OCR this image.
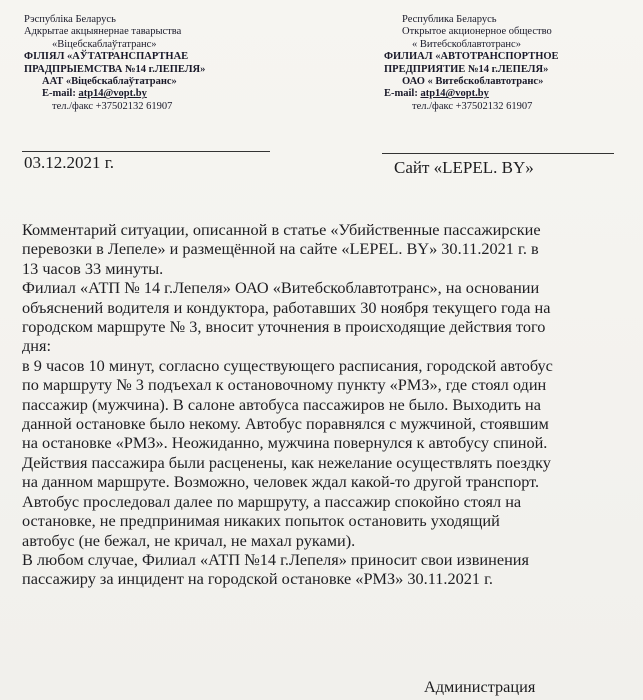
Рэспубліка Беларусь
Адкрытае акцыянернае таварыства
«Віцебскаблаўтатранс»
ФІЛІЯЛ «АЎТАТРАНСПАРТНАЕ
ПРАДПРЫЕМСТВА №14 г.ЛЕПЕЛЯ»
ААТ «Віцебскаблаўтатранс»
E-mail: atp14@vopt.by
тел./факс +37502132 61907
Республика Беларусь
Открытое акционерное общество
« Витебскоблавтотранс»
ФИЛИАЛ «АВТОТРАНСПОРТНОЕ
ПРЕДПРИЯТИЕ №14 г.ЛЕПЕЛЯ»
ОАО « Витебскоблавтотранс»
E-mail: atp14@vopt.by
тел./факс +37502132 61907
03.12.2021 г.	Сайт «LEPEL. BY»
Комментарий ситуации, описанной в статье «Убийственные пассажирские
перевозки в Лепеле» и размещённой на сайте «LEPEL. BY» 30.11.2021 г. в
13 часов 33 минуты.
Филиал «АТП № 14 г.Лепеля» ОАО «Витебскоблавтотранс», на основании
объяснений водителя и кондуктора, работавших 30 ноября текущего года на
городском маршруте № 3, вносит уточнения в происходящие действия того
дня:
в 9 часов 10 минут, согласно существующего расписания, городской автобус
по маршруту № 3 подъехал к остановочному пункту «РМЗ», где стоял один
пассажир (мужчина). В салоне автобуса пассажиров не было. Выходить на
данной остановке было некому. Автобус поравнялся с мужчиной, стоявшим
на остановке «РМЗ». Неожиданно, мужчина повернулся к автобусу спиной.
Действия пассажира были расценены, как нежелание осуществлять поездку
на данном маршруте. Возможно, человек ждал какой-то другой транспорт.
Автобус проследовал далее по маршруту, а пассажир спокойно стоял на
остановке, не предпринимая никаких попыток остановить уходящий
автобус (не бежал, не кричал, не махал руками).
В любом случае, Филиал «АТП №14 г.Лепеля» приносит свои извинения
пассажиру за инцидент на городской остановке «РМЗ» 30.11.2021 г.
Администрация
